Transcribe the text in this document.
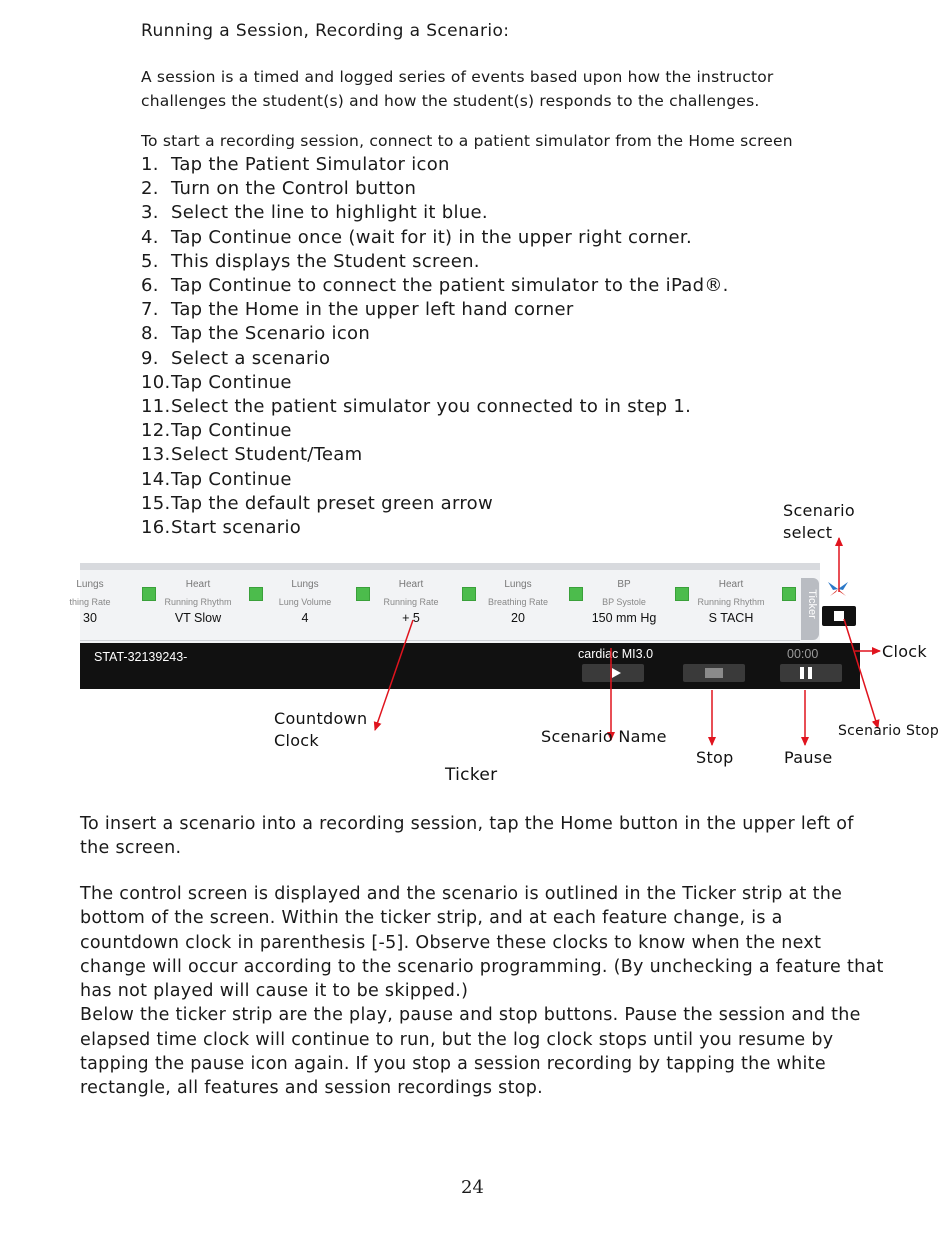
Running a Session, Recording a Scenario:
A session is a timed and logged series of events based upon how the instructor
challenges the student(s) and how the student(s) responds to the challenges.
To start a recording session, connect to a patient simulator from the Home screen
1. Tap the Patient Simulator icon
2. Turn on the Control button
3. Select the line to highlight it blue.
4. Tap Continue once (wait for it) in the upper right corner.
5. This displays the Student screen.
6. Tap Continue to connect the patient simulator to the iPad®.
7. Tap the Home in the upper left hand corner
8. Tap the Scenario icon
9. Select a scenario
10. Tap Continue
11. Select the patient simulator you connected to in step 1.
12. Tap Continue
13. Select Student/Team
14. Tap Continue
15. Tap the default preset green arrow
16. Start scenario
Lungs
thing Rate
30
Heart
Running Rhythm
VT Slow
Lungs
Lung Volume
4
Heart
Running Rate
+ 5
Lungs
Breathing Rate
20
BP
BP Systole
150 mm Hg
Heart
Running Rhythm
S TACH	Ticker
STAT-32139243-	cardiac MI3.0	00:00
Scenario
select
Clock
Scenario Stop
Countdown
Clock	Scenario Name
Stop	Pause
Ticker
To insert a scenario into a recording session, tap the Home button in the upper left of
the screen.
The control screen is displayed and the scenario is outlined in the Ticker strip at the
bottom of the screen. Within the ticker strip, and at each feature change, is a
countdown clock in parenthesis [-5]. Observe these clocks to know when the next
change will occur according to the scenario programming. (By unchecking a feature that
has not played will cause it to be skipped.)
Below the ticker strip are the play, pause and stop buttons. Pause the session and the
elapsed time clock will continue to run, but the log clock stops until you resume by
tapping the pause icon again. If you stop a session recording by tapping the white
rectangle, all features and session recordings stop.
24
